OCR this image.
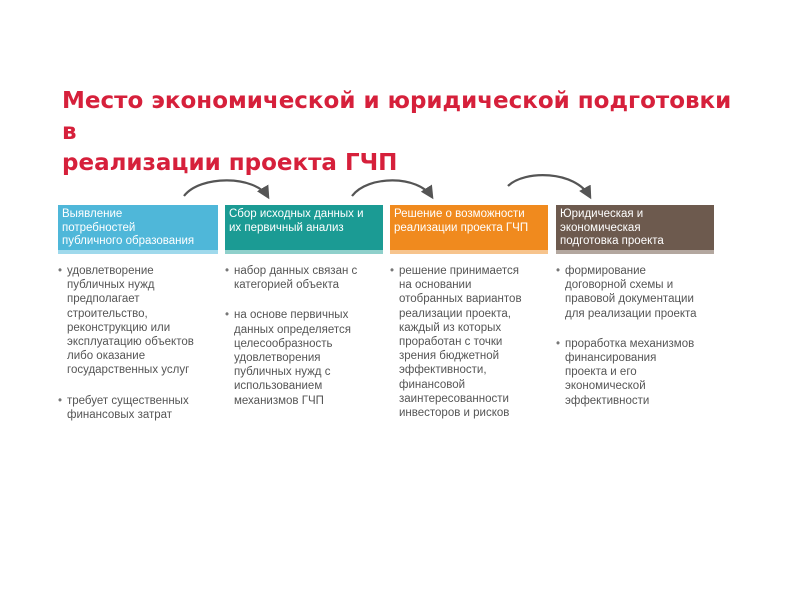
Место экономической и юридической подготовки в
реализации проекта ГЧП
Выявление
потребностей
публичного образования
• удовлетворение
публичных нужд
предполагает
строительство,
реконструкцию или
эксплуатацию объектов
либо оказание
государственных услуг
• требует существенных
финансовых затрат
Сбор исходных данных и
их первичный анализ
• набор данных связан с
категорией объекта
• на основе первичных
данных определяется
целесообразность
удовлетворения
публичных нужд с
использованием
механизмов ГЧП
Решение о возможности
реализации проекта ГЧП
• решение принимается
на основании
отобранных вариантов
реализации проекта,
каждый из которых
проработан с точки
зрения бюджетной
эффективности,
финансовой
заинтересованности
инвесторов и рисков
Юридическая и
экономическая
подготовка проекта
• формирование
договорной схемы и
правовой документации
для реализации проекта
• проработка механизмов
финансирования
проекта и его
экономической
эффективности
